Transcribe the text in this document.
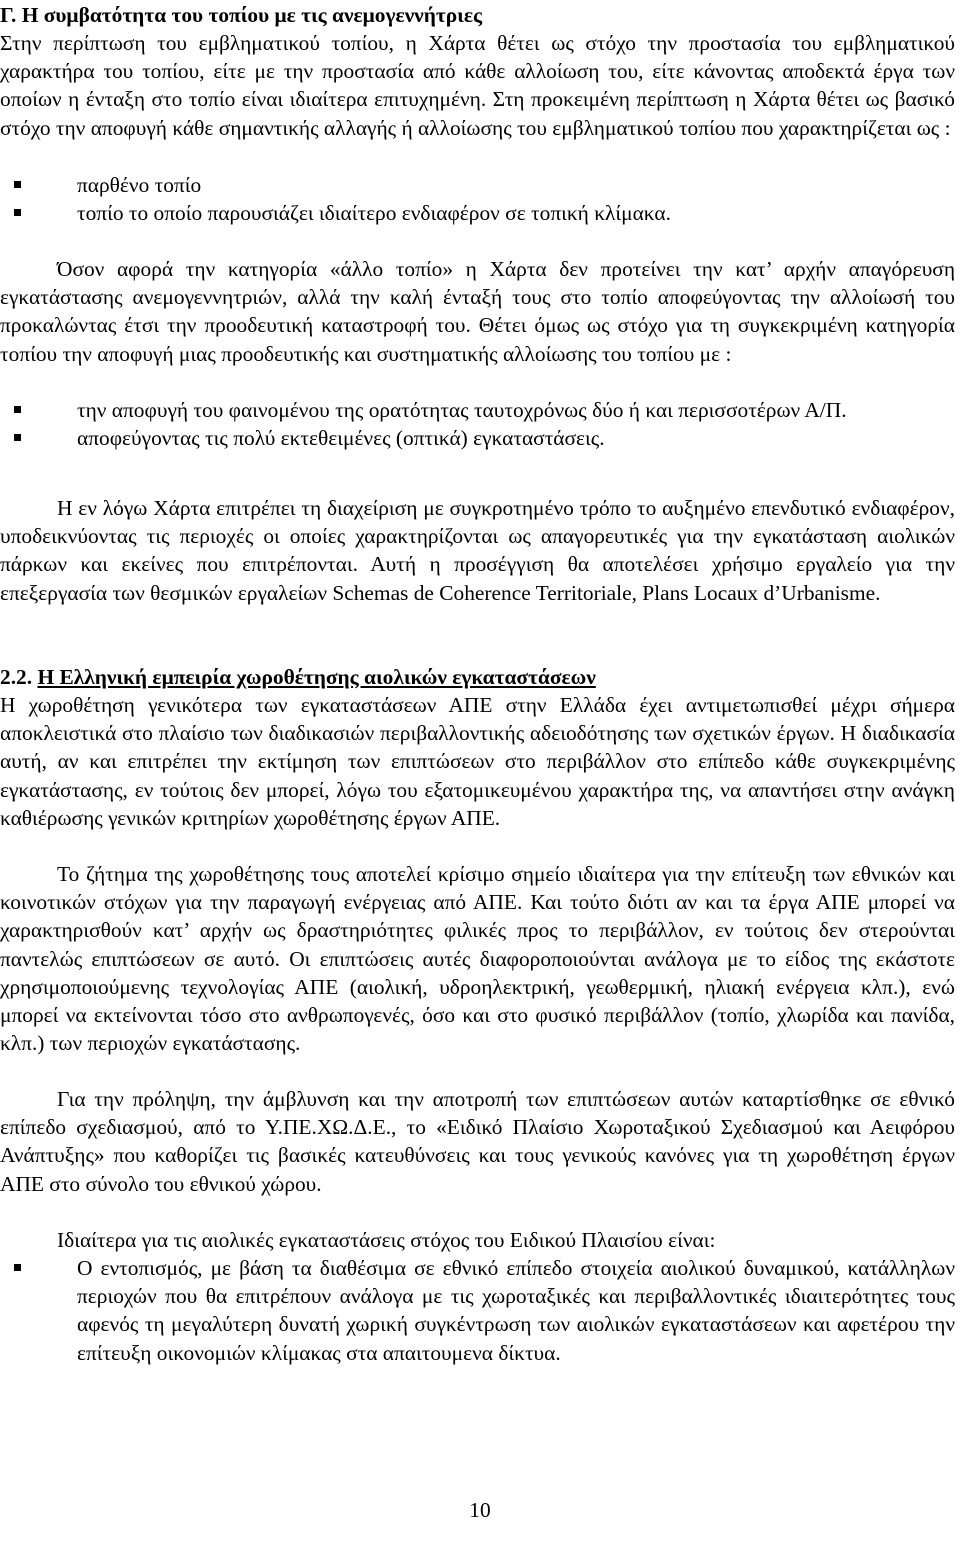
Γ. Η συμβατότητα του τοπίου με τις ανεμογεννήτριες

Στην περίπτωση του εμβληματικού τοπίου, η Χάρτα θέτει ως στόχο την προστασία του εμβληματικού χαρακτήρα του τοπίου, είτε με την προστασία από κάθε αλλοίωση του, είτε κάνοντας αποδεκτά έργα των οποίων η ένταξη στο τοπίο είναι ιδιαίτερα επιτυχημένη. Στη προκειμένη περίπτωση η Χάρτα θέτει ως βασικό στόχο την αποφυγή κάθε σημαντικής αλλαγής ή αλλοίωσης του εμβληματικού τοπίου που χαρακτηρίζεται ως :

παρθένο τοπίο
τοπίο το οποίο παρουσιάζει ιδιαίτερο ενδιαφέρον σε τοπική κλίμακα.

Όσον αφορά την κατηγορία «άλλο τοπίο» η Χάρτα δεν προτείνει την κατ’ αρχήν απαγόρευση εγκατάστασης ανεμογεννητριών, αλλά την καλή ένταξή τους στο τοπίο αποφεύγοντας την αλλοίωσή του προκαλώντας έτσι την προοδευτική καταστροφή του. Θέτει όμως ως στόχο για τη συγκεκριμένη κατηγορία τοπίου την αποφυγή μιας προοδευτικής και συστηματικής αλλοίωσης του τοπίου με :

την αποφυγή του φαινομένου της ορατότητας ταυτοχρόνως δύο ή και περισσοτέρων Α/Π.
αποφεύγοντας τις πολύ εκτεθειμένες (οπτικά) εγκαταστάσεις.

Η εν λόγω Χάρτα επιτρέπει τη διαχείριση με συγκροτημένο τρόπο το αυξημένο επενδυτικό ενδιαφέρον, υποδεικνύοντας τις περιοχές οι οποίες χαρακτηρίζονται ως απαγορευτικές για την εγκατάσταση αιολικών πάρκων και εκείνες που επιτρέπονται. Αυτή η προσέγγιση θα αποτελέσει χρήσιμο εργαλείο για την επεξεργασία των θεσμικών εργαλείων Schemas de Coherence Territoriale, Plans Locaux d’Urbanisme.

2.2. Η Ελληνική εμπειρία χωροθέτησης αιολικών εγκαταστάσεων

Η χωροθέτηση γενικότερα των εγκαταστάσεων ΑΠΕ στην Ελλάδα έχει αντιμετωπισθεί μέχρι σήμερα αποκλειστικά στο πλαίσιο των διαδικασιών περιβαλλοντικής αδειοδότησης των σχετικών έργων. Η διαδικασία αυτή, αν και επιτρέπει την εκτίμηση των επιπτώσεων στο περιβάλλον στο επίπεδο κάθε συγκεκριμένης εγκατάστασης, εν τούτοις δεν μπορεί, λόγω του εξατομικευμένου χαρακτήρα της, να απαντήσει στην ανάγκη καθιέρωσης γενικών κριτηρίων χωροθέτησης έργων ΑΠΕ.

Το ζήτημα της χωροθέτησης τους αποτελεί κρίσιμο σημείο ιδιαίτερα για την επίτευξη των εθνικών και κοινοτικών στόχων για την παραγωγή ενέργειας από ΑΠΕ. Και τούτο διότι αν και τα έργα ΑΠΕ μπορεί να χαρακτηρισθούν κατ’ αρχήν ως δραστηριότητες φιλικές προς το περιβάλλον, εν τούτοις δεν στερούνται παντελώς επιπτώσεων σε αυτό. Οι επιπτώσεις αυτές διαφοροποιούνται ανάλογα με το είδος της εκάστοτε χρησιμοποιούμενης τεχνολογίας ΑΠΕ (αιολική, υδροηλεκτρική, γεωθερμική, ηλιακή ενέργεια κλπ.), ενώ μπορεί να εκτείνονται τόσο στο ανθρωπογενές, όσο και στο φυσικό περιβάλλον (τοπίο, χλωρίδα και πανίδα, κλπ.) των περιοχών εγκατάστασης.

Για την πρόληψη, την άμβλυνση και την αποτροπή των επιπτώσεων αυτών καταρτίσθηκε σε εθνικό επίπεδο σχεδιασμού, από το Υ.ΠΕ.ΧΩ.Δ.Ε., το «Ειδικό Πλαίσιο Χωροταξικού Σχεδιασμού και Αειφόρου Ανάπτυξης» που καθορίζει τις βασικές κατευθύνσεις και τους γενικούς κανόνες για τη χωροθέτηση έργων ΑΠΕ στο σύνολο του εθνικού χώρου.

Ιδιαίτερα για τις αιολικές εγκαταστάσεις στόχος του Ειδικού Πλαισίου είναι:

Ο εντοπισμός, με βάση τα διαθέσιμα σε εθνικό επίπεδο στοιχεία αιολικού δυναμικού, κατάλληλων περιοχών που θα επιτρέπουν ανάλογα με τις χωροταξικές και περιβαλλοντικές ιδιαιτερότητες τους αφενός τη μεγαλύτερη δυνατή χωρική συγκέντρωση των αιολικών εγκαταστάσεων και αφετέρου την επίτευξη οικονομιών κλίμακας στα απαιτουμενα δίκτυα.
10
